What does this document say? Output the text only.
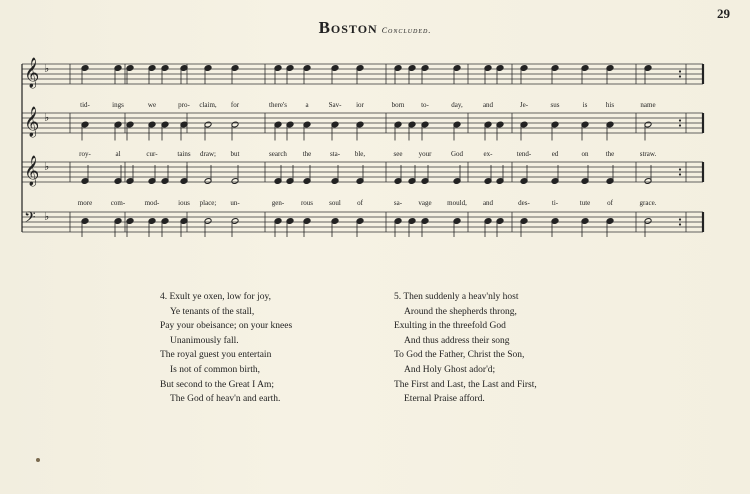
29
Boston Concluded.
𝄞 ♭
𝄞 ♭
𝄞 ♭
𝄢 ♭
tid-	ings	we	pro- claim, for	there's	a	Sav- ior	born to-	day,	and	Je-	sus	is	his	name
roy-	al	cur-	tains draw; but	search the	sta- ble,	see your	God	ex-	tend-	ed	on the	straw.
more	com-	mod-	ious place; un-	gen- rous soul of	sa- vage mould, and	des-	ti-	tute of	grace.
4. Exult ye oxen, low for joy,
Ye tenants of the stall,
Pay your obeisance; on your knees
Unanimously fall.
The royal guest you entertain
Is not of common birth,
But second to the Great I Am;
The God of heav'n and earth.
5. Then suddenly a heav'nly host
Around the shepherds throng,
Exulting in the threefold God
And thus address their song
To God the Father, Christ the Son,
And Holy Ghost ador'd;
The First and Last, the Last and First,
Eternal Praise afford.
